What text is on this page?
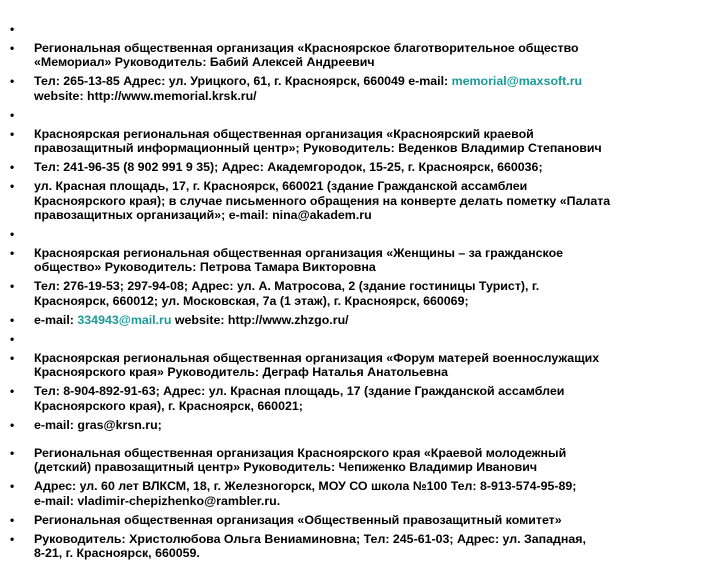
•
•	Региональная общественная организация «Красноярское благотворительное общество
«Мемориал» Руководитель: Бабий Алексей Андреевич
•	Тел: 265-13-85 Адрес: ул. Урицкого, 61, г. Красноярск, 660049 e-mail: memorial@maxsoft.ru
website: http://www.memorial.krsk.ru/
•
•	Красноярская региональная общественная организация «Красноярский краевой
правозащитный информационный центр»; Руководитель: Веденков Владимир Степанович
•	Тел: 241-96-35 (8 902 991 9 35); Адрес: Академгородок, 15-25, г. Красноярск, 660036;
•	ул. Красная площадь, 17, г. Красноярск, 660021 (здание Гражданской ассамблеи
Красноярского края); в случае письменного обращения на конверте делать пометку «Палата
правозащитных организаций»; e-mail: nina@akadem.ru
•
•	Красноярская региональная общественная организация «Женщины – за гражданское
общество» Руководитель: Петрова Тамара Викторовна
•	Тел: 276-19-53; 297-94-08; Адрес: ул. А. Матросова, 2 (здание гостиницы Турист), г.
Красноярск, 660012; ул. Московская, 7а (1 этаж), г. Красноярск, 660069;
•	e-mail: 334943@mail.ru website: http://www.zhzgo.ru/
•
•	Красноярская региональная общественная организация «Форум матерей военнослужащих
Красноярского края» Руководитель: Деграф Наталья Анатольевна
•	Тел: 8-904-892-91-63; Адрес: ул. Красная площадь, 17 (здание Гражданской ассамблеи
Красноярского края), г. Красноярск, 660021;
•	e-mail: gras@krsn.ru;
•	Региональная общественная организация Красноярского края «Краевой молодежный
(детский) правозащитный центр» Руководитель: Чепиженко Владимир Иванович
•	Адрес: ул. 60 лет ВЛКСМ, 18, г. Железногорск, МОУ СО школа №100 Тел: 8-913-574-95-89;
e-mail: vladimir-chepizhenko@rambler.ru.
•	Региональная общественная организация «Общественный правозащитный комитет»
•	Руководитель: Христолюбова Ольга Вениаминовна; Тел: 245-61-03; Адрес: ул. Западная,
8-21, г. Красноярск, 660059.
